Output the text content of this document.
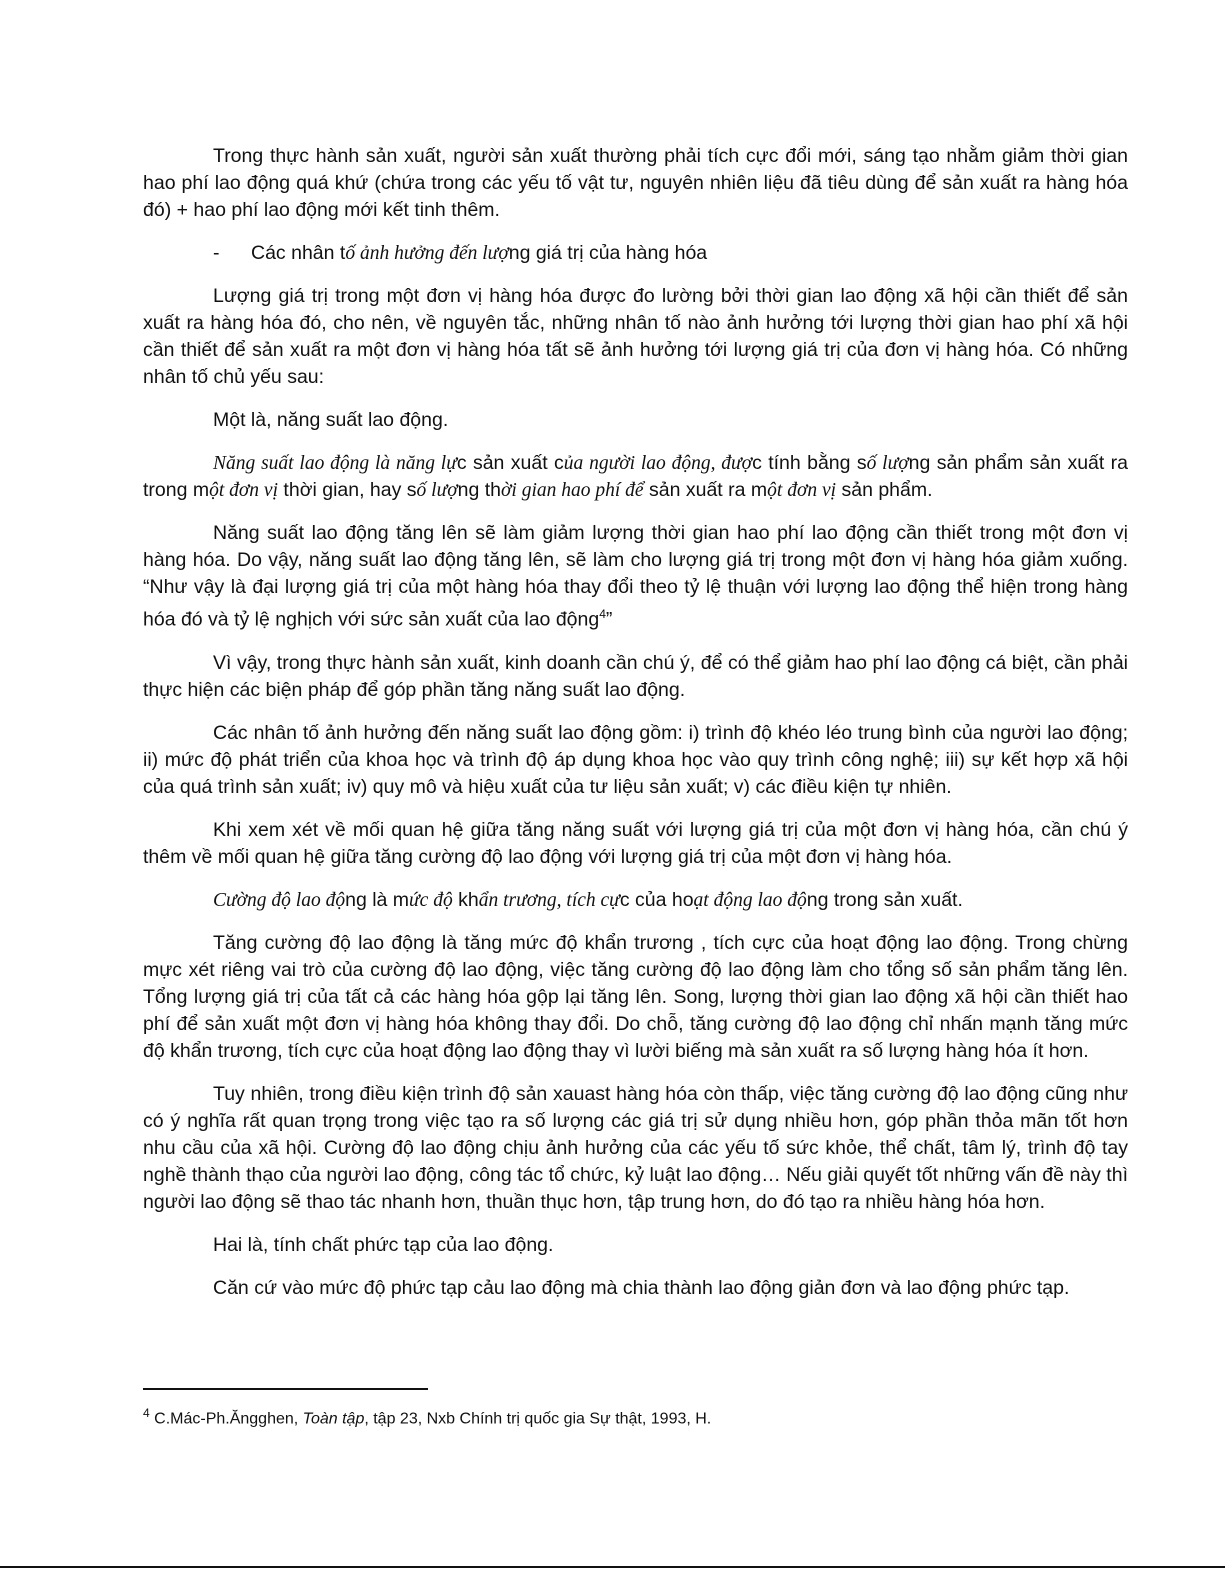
Trong thực hành sản xuất, người sản xuất thường phải tích cực đổi mới, sáng tạo nhằm giảm thời gian hao phí lao động quá khứ (chứa trong các yếu tố vật tư, nguyên nhiên liệu đã tiêu dùng để sản xuất ra hàng hóa đó) + hao phí lao động mới kết tinh thêm.

-	Các nhân tố ảnh hưởng đến lượng giá trị của hàng hóa

Lượng giá trị trong một đơn vị hàng hóa được đo lường bởi thời gian lao động xã hội cần thiết để sản xuất ra hàng hóa đó, cho nên, về nguyên tắc, những nhân tố nào ảnh hưởng tới lượng thời gian hao phí xã hội cần thiết để sản xuất ra một đơn vị hàng hóa tất sẽ ảnh hưởng tới lượng giá trị của đơn vị hàng hóa. Có những nhân tố chủ yếu sau:

Một là, năng suất lao động.

Năng suất lao động là năng lực sản xuất của người lao động, được tính bằng số lượng sản phẩm sản xuất ra trong một đơn vị thời gian, hay số lượng thời gian hao phí để sản xuất ra một đơn vị sản phẩm.

Năng suất lao động tăng lên sẽ làm giảm lượng thời gian hao phí lao động cần thiết trong một đơn vị hàng hóa. Do vậy, năng suất lao động tăng lên, sẽ làm cho lượng giá trị trong một đơn vị hàng hóa giảm xuống. “Như vậy là đại lượng giá trị của một hàng hóa thay đổi theo tỷ lệ thuận với lượng lao động thể hiện trong hàng hóa đó và tỷ lệ nghịch với sức sản xuất của lao động$^4$”

Vì vậy, trong thực hành sản xuất, kinh doanh cần chú ý, để có thể giảm hao phí lao động cá biệt, cần phải thực hiện các biện pháp để góp phần tăng năng suất lao động.

Các nhân tố ảnh hưởng đến năng suất lao động gồm: i) trình độ khéo léo trung bình của người lao động; ii) mức độ phát triển của khoa học và trình độ áp dụng khoa học vào quy trình công nghệ; iii) sự kết hợp xã hội của quá trình sản xuất; iv) quy mô và hiệu xuất của tư liệu sản xuất; v) các điều kiện tự nhiên.

Khi xem xét về mối quan hệ giữa tăng năng suất với lượng giá trị của một đơn vị hàng hóa, cần chú ý thêm về mối quan hệ giữa tăng cường độ lao động với lượng giá trị của một đơn vị hàng hóa.

Cường độ lao động là mức độ khẩn trương, tích cực của hoạt động lao động trong sản xuất.

Tăng cường độ lao động là tăng mức độ khẩn trương , tích cực của hoạt động lao động. Trong chừng mực xét riêng vai trò của cường độ lao động, việc tăng cường độ lao động làm cho tổng số sản phẩm tăng lên. Tổng lượng giá trị của tất cả các hàng hóa gộp lại tăng lên. Song, lượng thời gian lao động xã hội cần thiết hao phí để sản xuất một đơn vị hàng hóa không thay đổi. Do chỗ, tăng cường độ lao động chỉ nhấn mạnh tăng mức độ khẩn trương, tích cực của hoạt động lao động thay vì lười biếng mà sản xuất ra số lượng hàng hóa ít hơn.

Tuy nhiên, trong điều kiện trình độ sản xauast hàng hóa còn thấp, việc tăng cường độ lao động cũng như có ý nghĩa rất quan trọng trong việc tạo ra số lượng các giá trị sử dụng nhiều hơn, góp phần thỏa mãn tốt hơn nhu cầu của xã hội. Cường độ lao động chịu ảnh hưởng của các yếu tố sức khỏe, thể chất, tâm lý, trình độ tay nghề thành thạo của người lao động, công tác tổ chức, kỷ luật lao động… Nếu giải quyết tốt những vấn đề này thì người lao động sẽ thao tác nhanh hơn, thuần thục hơn, tập trung hơn, do đó tạo ra nhiều hàng hóa hơn.

Hai là, tính chất phức tạp của lao động.

Căn cứ vào mức độ phức tạp cảu lao động mà chia thành lao động giản đơn và lao động phức tạp.

$^4$ C.Mác-Ph.Ăngghen, Toàn tập, tập 23, Nxb Chính trị quốc gia Sự thật, 1993, H.
